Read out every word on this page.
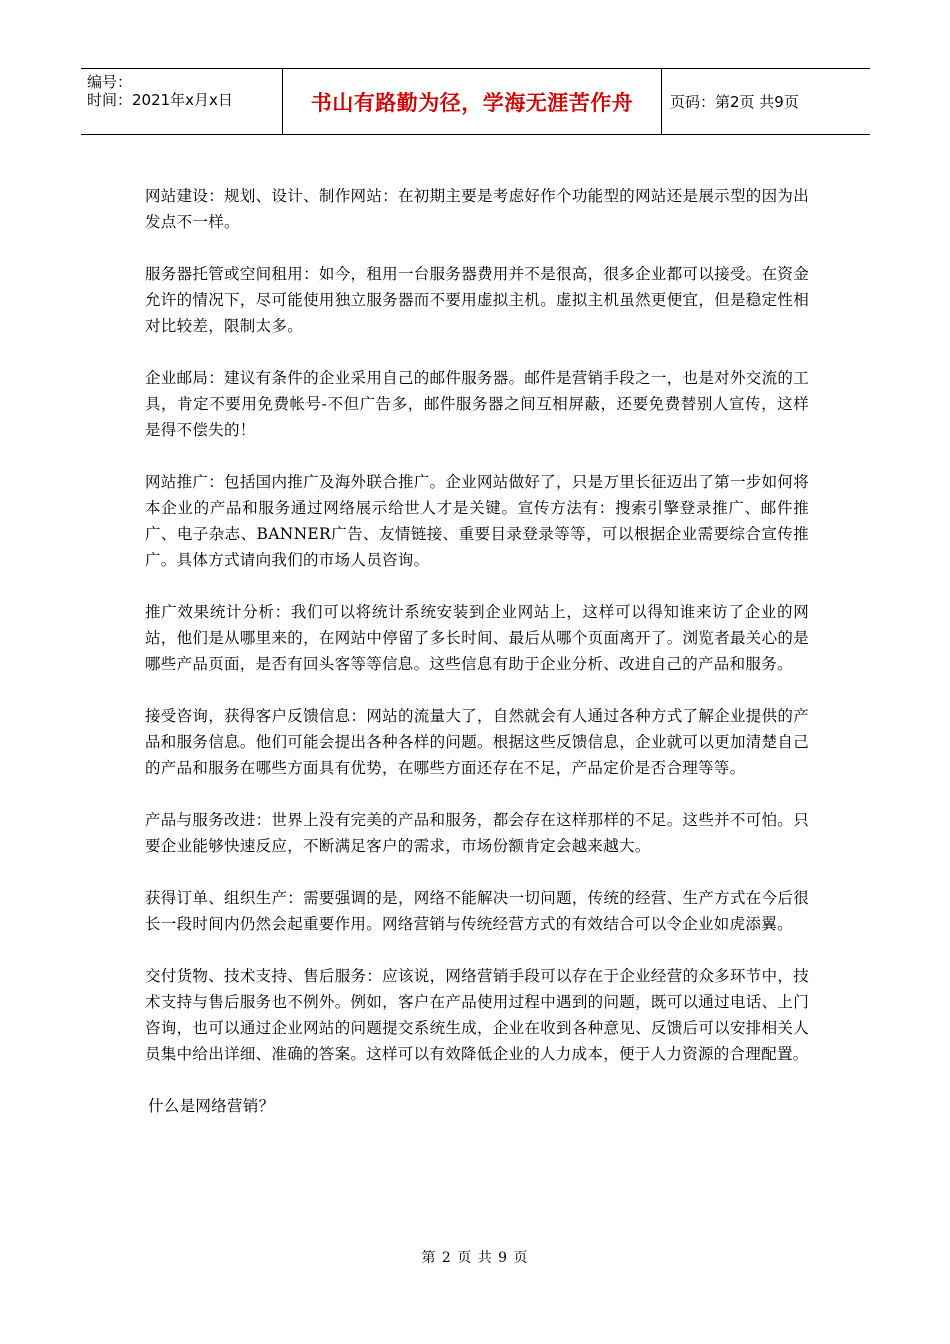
编号：
时间：2021年x月x日	书山有路勤为径，学海无涯苦作舟	页码：第2页 共9页

网站建设：规划、设计、制作网站：在初期主要是考虑好作个功能型的网站还是展示型的因为出发点不一样。

服务器托管或空间租用：如今，租用一台服务器费用并不是很高，很多企业都可以接受。在资金允许的情况下，尽可能使用独立服务器而不要用虚拟主机。虚拟主机虽然更便宜，但是稳定性相对比较差，限制太多。

企业邮局：建议有条件的企业采用自己的邮件服务器。邮件是营销手段之一，也是对外交流的工具，肯定不要用免费帐号-不但广告多，邮件服务器之间互相屏蔽，还要免费替别人宣传，这样是得不偿失的！

网站推广：包括国内推广及海外联合推广。企业网站做好了，只是万里长征迈出了第一步如何将本企业的产品和服务通过网络展示给世人才是关键。宣传方法有：搜索引擎登录推广、邮件推广、电子杂志、BANNER广告、友情链接、重要目录登录等等，可以根据企业需要综合宣传推广。具体方式请向我们的市场人员咨询。

推广效果统计分析：我们可以将统计系统安装到企业网站上，这样可以得知谁来访了企业的网站，他们是从哪里来的，在网站中停留了多长时间、最后从哪个页面离开了。浏览者最关心的是哪些产品页面，是否有回头客等等信息。这些信息有助于企业分析、改进自己的产品和服务。

接受咨询，获得客户反馈信息：网站的流量大了，自然就会有人通过各种方式了解企业提供的产品和服务信息。他们可能会提出各种各样的问题。根据这些反馈信息，企业就可以更加清楚自己的产品和服务在哪些方面具有优势，在哪些方面还存在不足，产品定价是否合理等等。

产品与服务改进：世界上没有完美的产品和服务，都会存在这样那样的不足。这些并不可怕。只要企业能够快速反应，不断满足客户的需求，市场份额肯定会越来越大。

获得订单、组织生产：需要强调的是，网络不能解决一切问题，传统的经营、生产方式在今后很长一段时间内仍然会起重要作用。网络营销与传统经营方式的有效结合可以令企业如虎添翼。

交付货物、技术支持、售后服务：应该说，网络营销手段可以存在于企业经营的众多环节中，技术支持与售后服务也不例外。例如，客户在产品使用过程中遇到的问题，既可以通过电话、上门咨询，也可以通过企业网站的问题提交系统生成，企业在收到各种意见、反馈后可以安排相关人员集中给出详细、准确的答案。这样可以有效降低企业的人力成本，便于人力资源的合理配置。

什么是网络营销？

第 2 页 共 9 页
